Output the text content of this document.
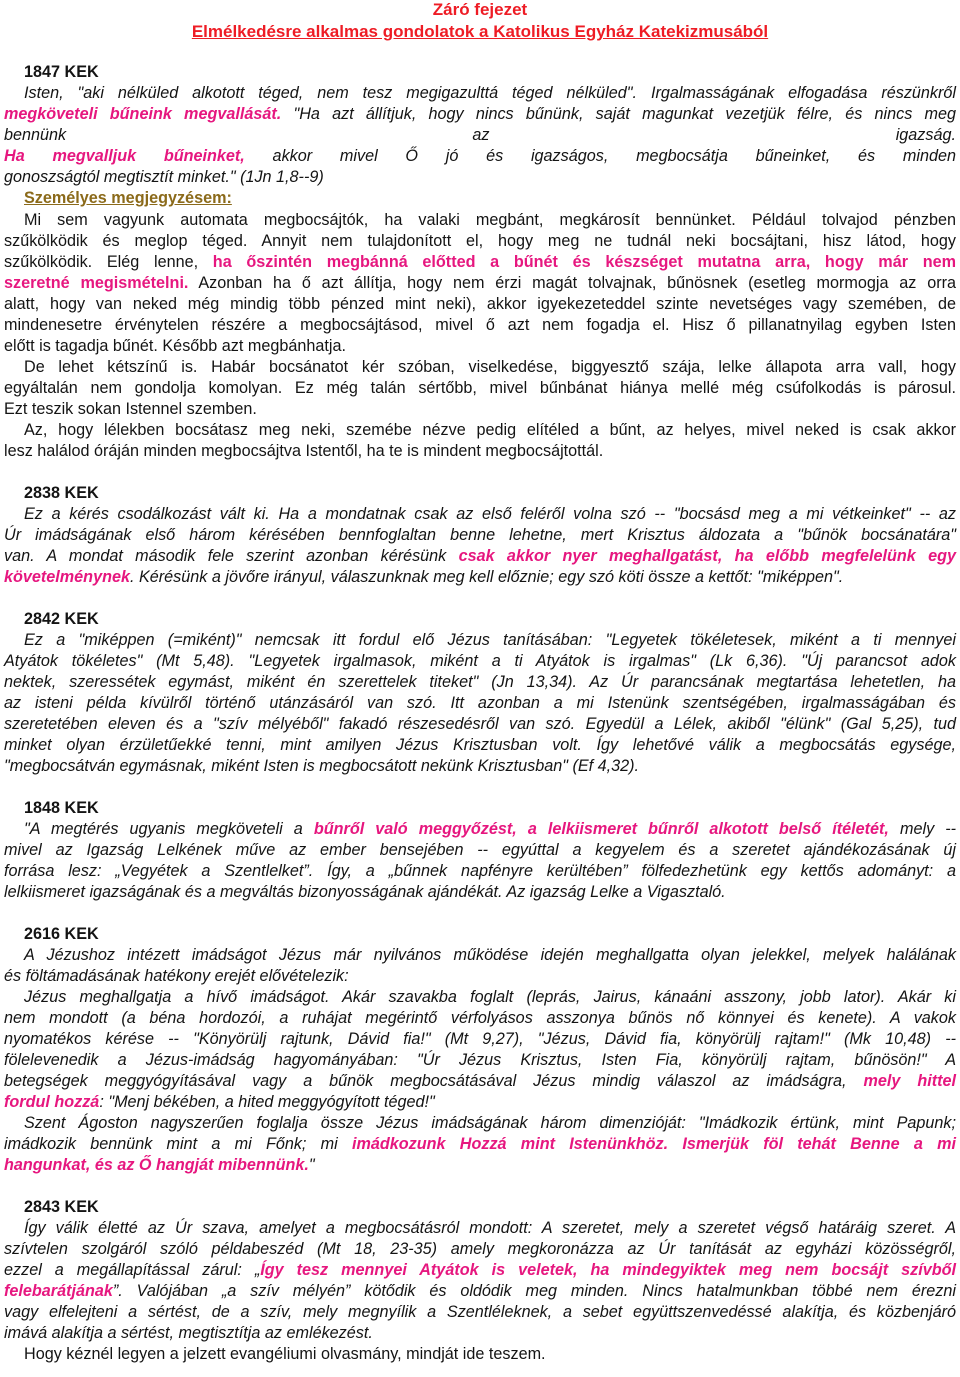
Záró fejezet
Elmélkedésre alkalmas gondolatok a Katolikus Egyház Katekizmusából
1847 KEK
Isten, "aki nélküled alkotott téged, nem tesz megigazulttá téged nélküled". Irgalmasságának elfogadása részünkről
megköveteli bűneink megvallását. "Ha azt állítjuk, hogy nincs bűnünk, saját magunkat vezetjük félre, és nincs meg
bennünk az igazság.
Ha megvalljuk bűneinket, akkor mivel Ő jó és igazságos, megbocsátja bűneinket, és minden
gonoszságtól megtisztít minket." (1Jn 1,8--9)
Személyes megjegyzésem:
Mi sem vagyunk automata megbocsájtók, ha valaki megbánt, megkárosít bennünket. Például tolvajod pénzben
szűkölködik és meglop téged. Annyit nem tulajdonított el, hogy meg ne tudnál neki bocsájtani, hisz látod, hogy
szűkölködik. Elég lenne, ha őszintén megbánná előtted a bűnét és készséget mutatna arra, hogy már nem
szeretné megismételni. Azonban ha ő azt állítja, hogy nem érzi magát tolvajnak, bűnösnek (esetleg mormogja az orra
alatt, hogy van neked még mindig több pénzed mint neki), akkor igyekezeteddel szinte nevetséges vagy szemében, de
mindenesetre érvénytelen részére a megbocsájtásod, mivel ő azt nem fogadja el. Hisz ő pillanatnyilag egyben Isten
előtt is tagadja bűnét. Később azt megbánhatja.
De lehet kétszínű is. Habár bocsánatot kér szóban, viselkedése, biggyesztő szája, lelke állapota arra vall, hogy
egyáltalán nem gondolja komolyan. Ez még talán sértőbb, mivel bűnbánat hiánya mellé még csúfolkodás is párosul.
Ezt teszik sokan Istennel szemben.
Az, hogy lélekben bocsátasz meg neki, szemébe nézve pedig elítéled a bűnt, az helyes, mivel neked is csak akkor
lesz halálod óráján minden megbocsájtva Istentől, ha te is mindent megbocsájtottál.
2838 KEK
Ez a kérés csodálkozást vált ki. Ha a mondatnak csak az első feléről volna szó -- "bocsásd meg a mi vétkeinket" -- az
Úr imádságának első három kérésében bennfoglaltan benne lehetne, mert Krisztus áldozata a "bűnök bocsánatára"
van. A mondat második fele szerint azonban kérésünk csak akkor nyer meghallgatást, ha előbb megfelelünk egy
követelménynek. Kérésünk a jövőre irányul, válaszunknak meg kell előznie; egy szó köti össze a kettőt: "miképpen".
2842 KEK
Ez a "miképpen (=miként)" nemcsak itt fordul elő Jézus tanításában: "Legyetek tökéletesek, miként a ti mennyei
Atyátok tökéletes" (Mt 5,48). "Legyetek irgalmasok, miként a ti Atyátok is irgalmas" (Lk 6,36). "Új parancsot adok
nektek, szeressétek egymást, miként én szerettelek titeket" (Jn 13,34). Az Úr parancsának megtartása lehetetlen, ha
az isteni példa kívülről történő utánzásáról van szó. Itt azonban a mi Istenünk szentségében, irgalmasságában és
szeretetében eleven és a "szív mélyéből" fakadó részesedésről van szó. Egyedül a Lélek, akiből "élünk" (Gal 5,25), tud
minket olyan érzületűekké tenni, mint amilyen Jézus Krisztusban volt. Így lehetővé válik a megbocsátás egysége,
"megbocsátván egymásnak, miként Isten is megbocsátott nekünk Krisztusban" (Ef 4,32).
1848 KEK
"A megtérés ugyanis megköveteli a bűnről való meggyőzést, a lelkiismeret bűnről alkotott belső ítéletét, mely --
mivel az Igazság Lelkének műve az ember bensejében -- egyúttal a kegyelem és a szeretet ajándékozásának új
forrása lesz: „Vegyétek a Szentlelket”. Így, a „bűnnek napfényre kerültében” fölfedezhetünk egy kettős adományt: a
lelkiismeret igazságának és a megváltás bizonyosságának ajándékát. Az igazság Lelke a Vigasztaló.
2616 KEK
A Jézushoz intézett imádságot Jézus már nyilvános működése idején meghallgatta olyan jelekkel, melyek halálának
és föltámadásának hatékony erejét elővételezik:
Jézus meghallgatja a hívő imádságot. Akár szavakba foglalt (leprás, Jairus, kánaáni asszony, jobb lator). Akár ki
nem mondott (a béna hordozói, a ruhájat megérintő vérfolyásos asszonya bűnös nő könnyei és kenete). A vakok
nyomatékos kérése -- "Könyörülj rajtunk, Dávid fia!" (Mt 9,27), "Jézus, Dávid fia, könyörülj rajtam!" (Mk 10,48) --
fölelevenedik a Jézus-imádság hagyományában: "Úr Jézus Krisztus, Isten Fia, könyörülj rajtam, bűnösön!" A
betegségek meggyógyításával vagy a bűnök megbocsátásával Jézus mindig válaszol az imádságra, mely hittel
fordul hozzá: "Menj békében, a hited meggyógyított téged!"
Szent Ágoston nagyszerűen foglalja össze Jézus imádságának három dimenzióját: "Imádkozik értünk, mint Papunk;
imádkozik bennünk mint a mi Főnk; mi imádkozunk Hozzá mint Istenünkhöz. Ismerjük föl tehát Benne a mi
hangunkat, és az Ő hangját mibennünk."
2843 KEK
Így válik életté az Úr szava, amelyet a megbocsátásról mondott: A szeretet, mely a szeretet végső határáig szeret. A
szívtelen szolgáról szóló példabeszéd (Mt 18, 23-35) amely megkoronázza az Úr tanítását az egyházi közösségről,
ezzel a megállapítással zárul: „Így tesz mennyei Atyátok is veletek, ha mindegyiktek meg nem bocsájt szívből
felebarátjának”. Valójában „a szív mélyén” kötődik és oldódik meg minden. Nincs hatalmunkban többé nem érezni
vagy elfelejteni a sértést, de a szív, mely megnyílik a Szentléleknek, a sebet együttszenvedéssé alakítja, és közbenjáró
imává alakítja a sértést, megtisztítja az emlékezést.
Hogy kéznél legyen a jelzett evangéliumi olvasmány, mindját ide teszem.
